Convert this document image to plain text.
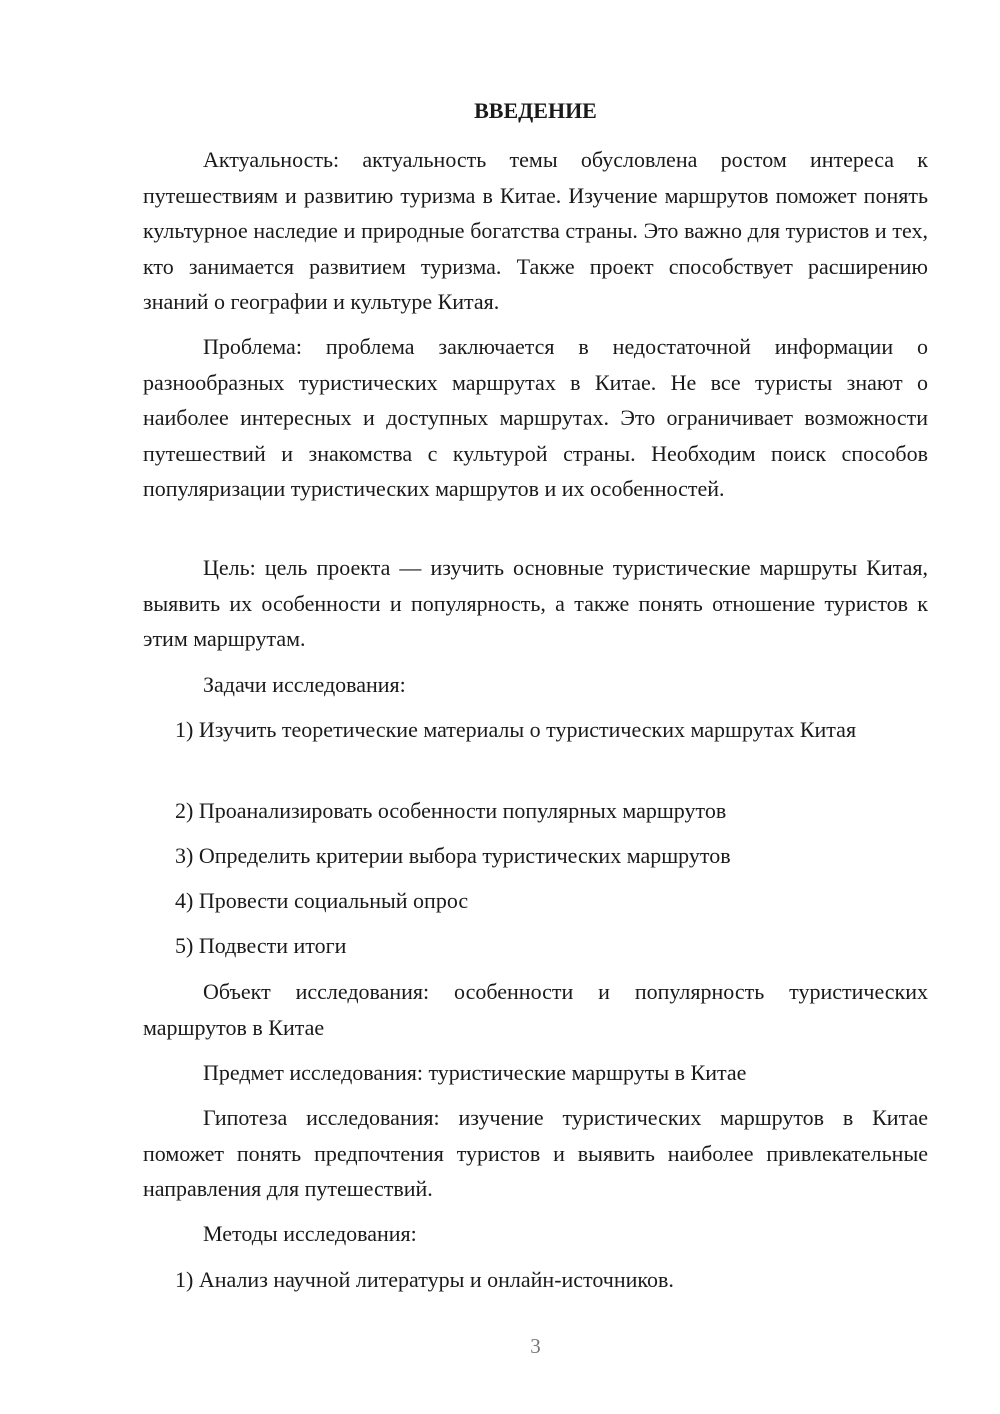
ВВЕДЕНИЕ

Актуальность: актуальность темы обусловлена ростом интереса к путешествиям и развитию туризма в Китае. Изучение маршрутов поможет понять культурное наследие и природные богатства страны. Это важно для туристов и тех, кто занимается развитием туризма. Также проект способствует расширению знаний о географии и культуре Китая.

Проблема: проблема заключается в недостаточной информации о разнообразных туристических маршрутах в Китае. Не все туристы знают о наиболее интересных и доступных маршрутах. Это ограничивает возможности путешествий и знакомства с культурой страны. Необходим поиск способов популяризации туристических маршрутов и их особенностей.

Цель: цель проекта — изучить основные туристические маршруты Китая, выявить их особенности и популярность, а также понять отношение туристов к этим маршрутам.

Задачи исследования:

1) Изучить теоретические материалы о туристических маршрутах Китая

2) Проанализировать особенности популярных маршрутов

3) Определить критерии выбора туристических маршрутов

4) Провести социальный опрос

5) Подвести итоги

Объект исследования: особенности и популярность туристических маршрутов в Китае

Предмет исследования: туристические маршруты в Китае

Гипотеза исследования: изучение туристических маршрутов в Китае поможет понять предпочтения туристов и выявить наиболее привлекательные направления для путешествий.

Методы исследования:

1) Анализ научной литературы и онлайн-источников.

3
